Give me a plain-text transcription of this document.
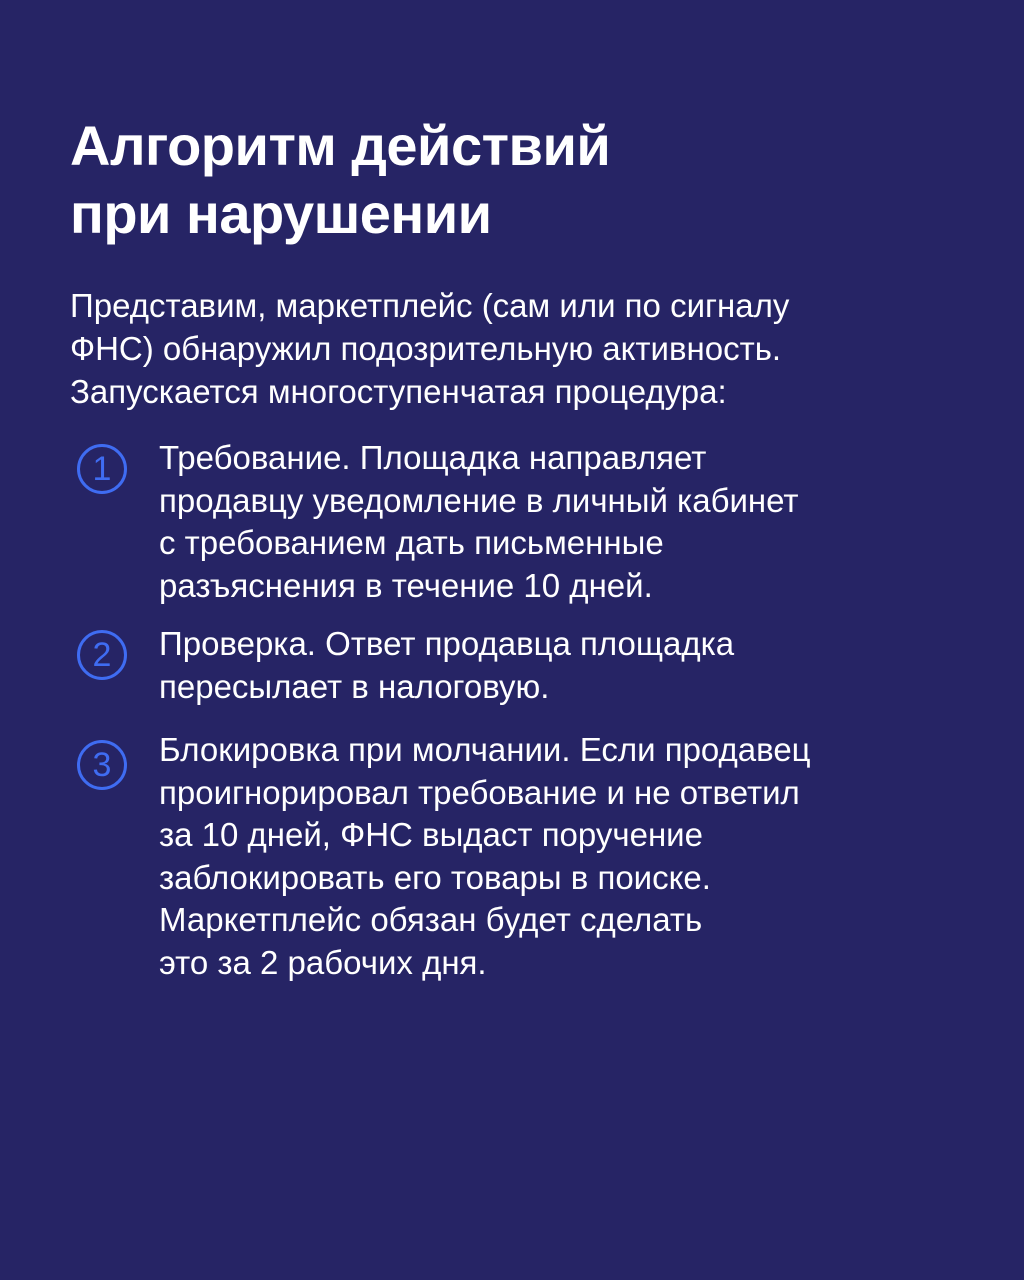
Алгоритм действий
при нарушении

Представим, маркетплейс (сам или по сигналу
ФНС) обнаружил подозрительную активность.
Запускается многоступенчатая процедура:

1	Требование. Площадка направляет
продавцу уведомление в личный кабинет
с требованием дать письменные
разъяснения в течение 10 дней.

2	Проверка. Ответ продавца площадка
пересылает в налоговую.

3	Блокировка при молчании. Если продавец
проигнорировал требование и не ответил
за 10 дней, ФНС выдаст поручение
заблокировать его товары в поиске.
Маркетплейс обязан будет сделать
это за 2 рабочих дня.
